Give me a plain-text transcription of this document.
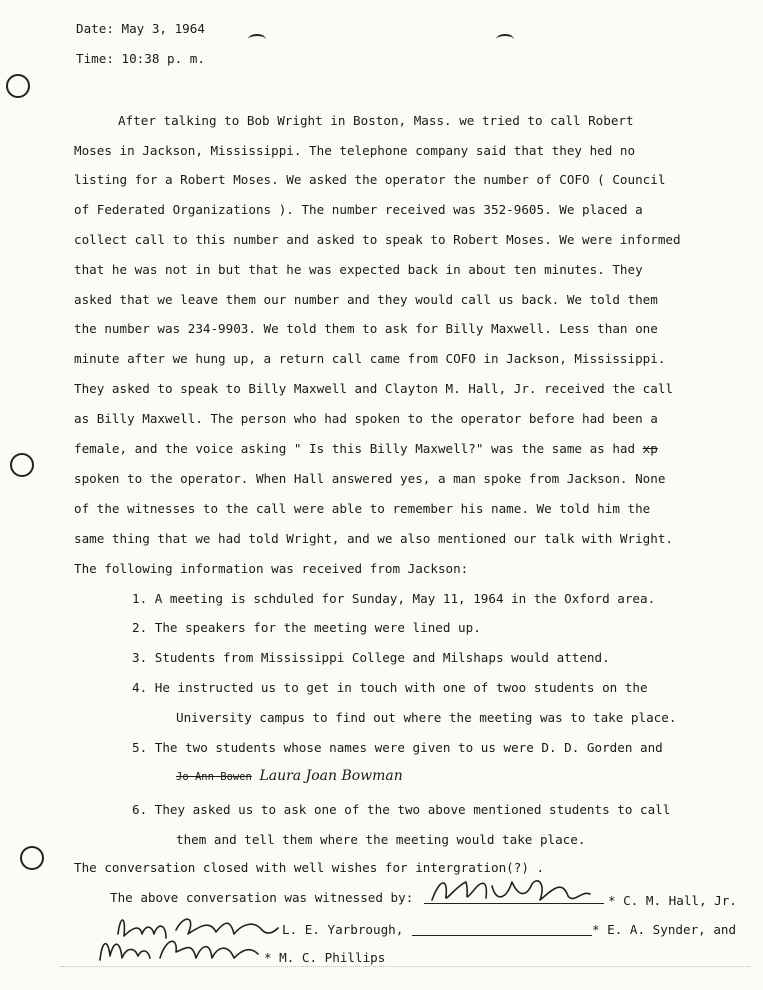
Date: May 3, 1964
Time: 10:38 p. m.
After talking to Bob Wright in Boston, Mass. we tried to call Robert
Moses in Jackson, Mississippi. The telephone company said that they hed no
listing for a Robert Moses. We asked the operator the number of COFO ( Council
of Federated Organizations ). The number received was 352-9605. We placed a
collect call to this number and asked to speak to Robert Moses. We were informed
that he was not in but that he was expected back in about ten minutes. They
asked that we leave them our number and they would call us back. We told them
the number was 234-9903. We told them to ask for Billy Maxwell. Less than one
minute after we hung up, a return call came from COFO in Jackson, Mississippi.
They asked to speak to Billy Maxwell and Clayton M. Hall, Jr. received the call
as Billy Maxwell. The person who had spoken to the operator before had been a
female, and the voice asking " Is this Billy Maxwell?" was the same as had xp
spoken to the operator. When Hall answered yes, a man spoke from Jackson. None
of the witnesses to the call were able to remember his name. We told him the
same thing that we had told Wright, and we also mentioned our talk with Wright.
The following information was received from Jackson:
1. A meeting is schduled for Sunday, May 11, 1964 in the Oxford area.
2. The speakers for the meeting were lined up.
3. Students from Mississippi College and Milshaps would attend.
4. He instructed us to get in touch with one of twoo students on the
University campus to find out where the meeting was to take place.
5. The two students whose names were given to us were D. D. Gorden and
Jo Ann Bowen Laura Joan Bowman
6. They asked us to ask one of the two above mentioned students to call
them and tell them where the meeting would take place.
The conversation closed with well wishes for intergration(?) .
The above conversation was witnessed by:	* C. M. Hall, Jr.
L. E. Yarbrough,	* E. A. Synder, and
* M. C. Phillips
